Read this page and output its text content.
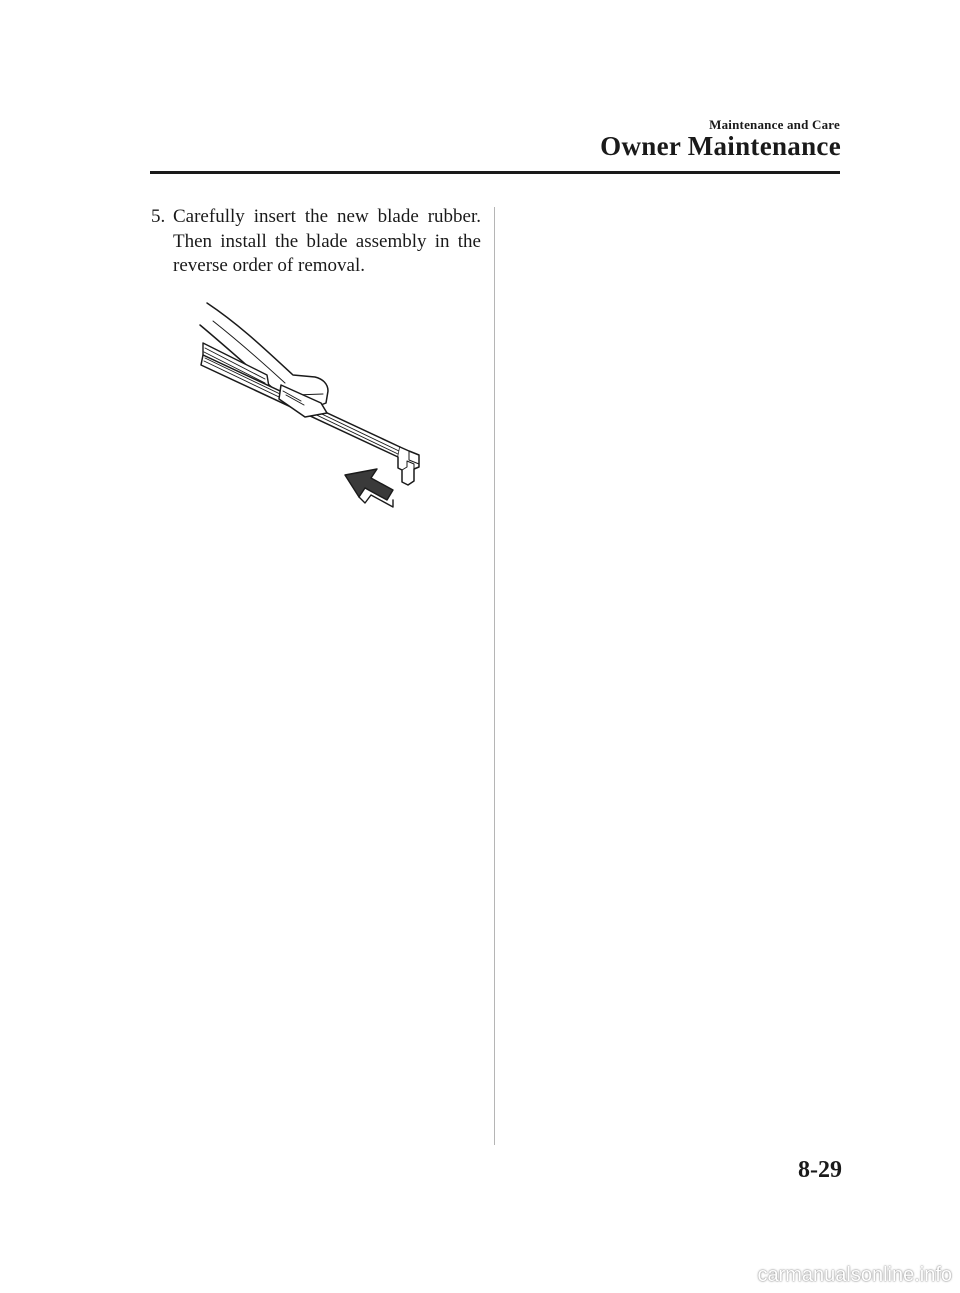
Maintenance and Care
Owner Maintenance
5. Carefully insert the new blade rubber. Then install the blade assembly in the reverse order of removal.
8-29
carmanualsonline.info
